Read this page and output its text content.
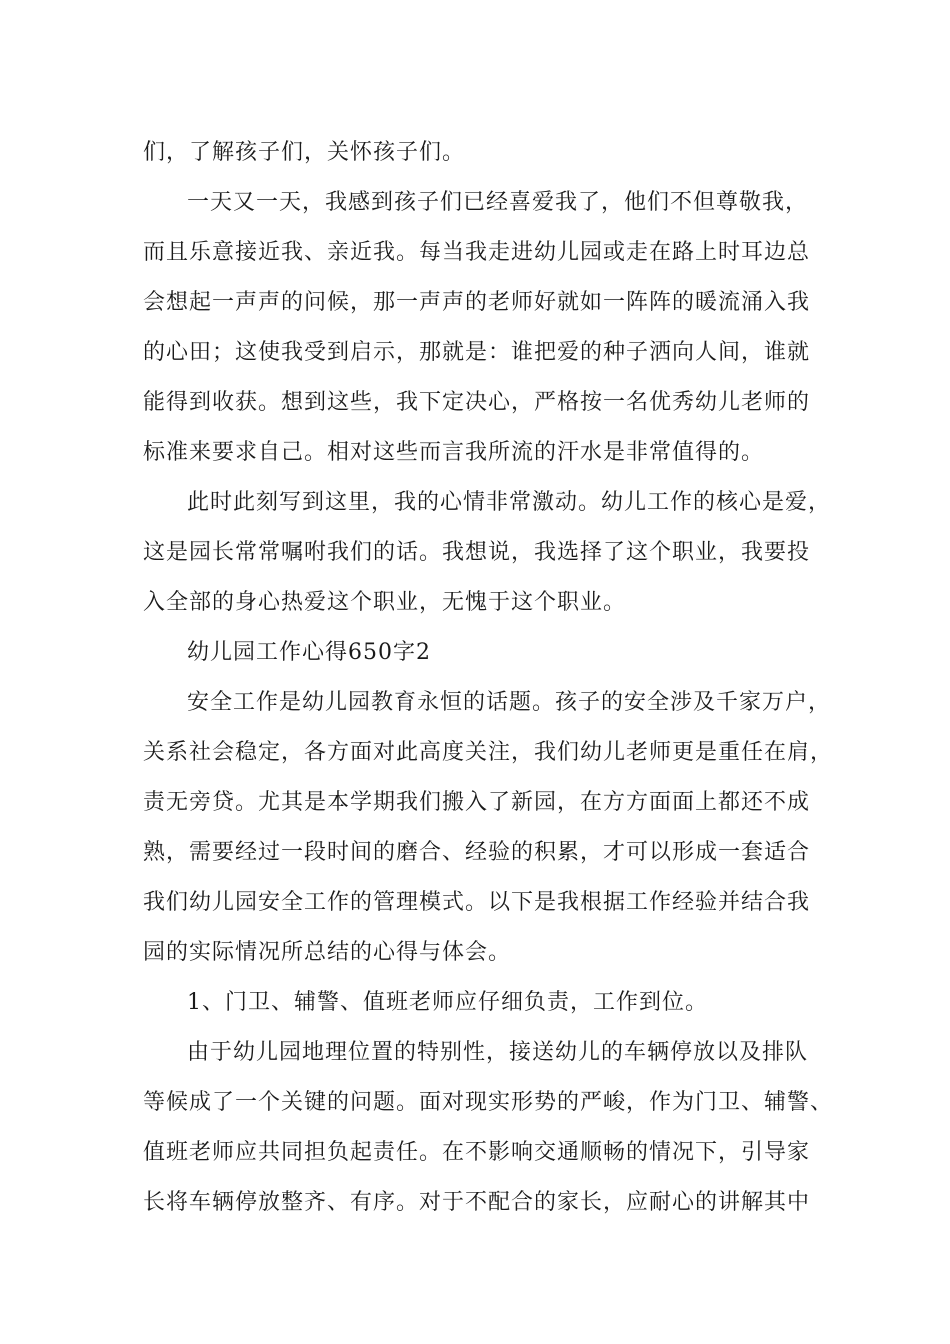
们，了解孩子们，关怀孩子们。
一天又一天，我感到孩子们已经喜爱我了，他们不但尊敬我，
而且乐意接近我、亲近我。每当我走进幼儿园或走在路上时耳边总
会想起一声声的问候，那一声声的老师好就如一阵阵的暖流涌入我
的心田；这使我受到启示，那就是：谁把爱的种子洒向人间，谁就
能得到收获。想到这些，我下定决心，严格按一名优秀幼儿老师的
标准来要求自己。相对这些而言我所流的汗水是非常值得的。
此时此刻写到这里，我的心情非常激动。幼儿工作的核心是爱，
这是园长常常嘱咐我们的话。我想说，我选择了这个职业，我要投
入全部的身心热爱这个职业，无愧于这个职业。
幼儿园工作心得650字2
安全工作是幼儿园教育永恒的话题。孩子的安全涉及千家万户，
关系社会稳定，各方面对此高度关注，我们幼儿老师更是重任在肩，
责无旁贷。尤其是本学期我们搬入了新园，在方方面面上都还不成
熟，需要经过一段时间的磨合、经验的积累，才可以形成一套适合
我们幼儿园安全工作的管理模式。以下是我根据工作经验并结合我
园的实际情况所总结的心得与体会。
1、门卫、辅警、值班老师应仔细负责，工作到位。
由于幼儿园地理位置的特别性，接送幼儿的车辆停放以及排队
等候成了一个关键的问题。面对现实形势的严峻，作为门卫、辅警、
值班老师应共同担负起责任。在不影响交通顺畅的情况下，引导家
长将车辆停放整齐、有序。对于不配合的家长，应耐心的讲解其中
